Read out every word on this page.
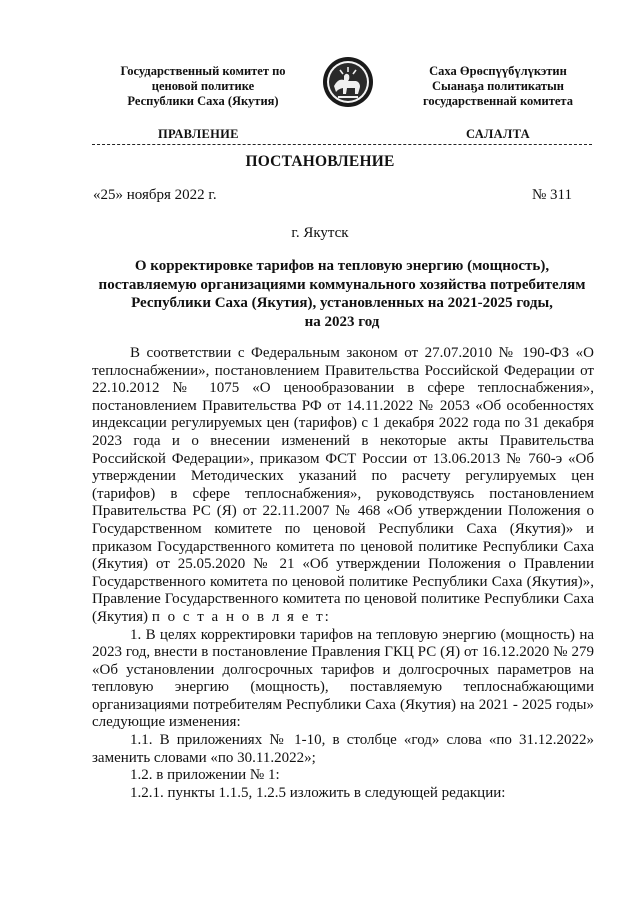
Государственный комитет по
ценовой политике
Республики Саха (Якутия)
Саха Өрөспүүбүлүкэтин
Сыанаҕа политикатын
государственнай комитета
ПРАВЛЕНИЕ	САЛАЛТА
ПОСТАНОВЛЕНИЕ
«25» ноября 2022 г.	№ 311
г. Якутск
О корректировке тарифов на тепловую энергию (мощность),
поставляемую организациями коммунального хозяйства потребителям
Республики Саха (Якутия), установленных на 2021-2025 годы,
на 2023 год

В соответствии с Федеральным законом от 27.07.2010 № 190-ФЗ «О теплоснабжении», постановлением Правительства Российской Федерации от 22.10.2012 № 1075 «О ценообразовании в сфере теплоснабжения», постановлением Правительства РФ от 14.11.2022 № 2053 «Об особенностях индексации регулируемых цен (тарифов) с 1 декабря 2022 года по 31 декабря 2023 года и о внесении изменений в некоторые акты Правительства Российской Федерации», приказом ФСТ России от 13.06.2013 № 760-э «Об утверждении Методических указаний по расчету регулируемых цен (тарифов) в сфере теплоснабжения», руководствуясь постановлением Правительства РС (Я) от 22.11.2007 № 468 «Об утверждении Положения о Государственном комитете по ценовой Республики Саха (Якутия)» и приказом Государственного комитета по ценовой политике Республики Саха (Якутия) от 25.05.2020 № 21 «Об утверждении Положения о Правлении Государственного комитета по ценовой политике Республики Саха (Якутия)», Правление Государственного комитета по ценовой политике Республики Саха (Якутия) п о с т а н о в л я е т:

1. В целях корректировки тарифов на тепловую энергию (мощность) на 2023 год, внести в постановление Правления ГКЦ РС (Я) от 16.12.2020 № 279 «Об установлении долгосрочных тарифов и долгосрочных параметров на тепловую энергию (мощность), поставляемую теплоснабжающими организациями потребителям Республики Саха (Якутия) на 2021 - 2025 годы» следующие изменения:

1.1. В приложениях № 1-10, в столбце «год» слова «по 31.12.2022» заменить словами «по 30.11.2022»;

1.2. в приложении № 1:

1.2.1. пункты 1.1.5, 1.2.5 изложить в следующей редакции:
